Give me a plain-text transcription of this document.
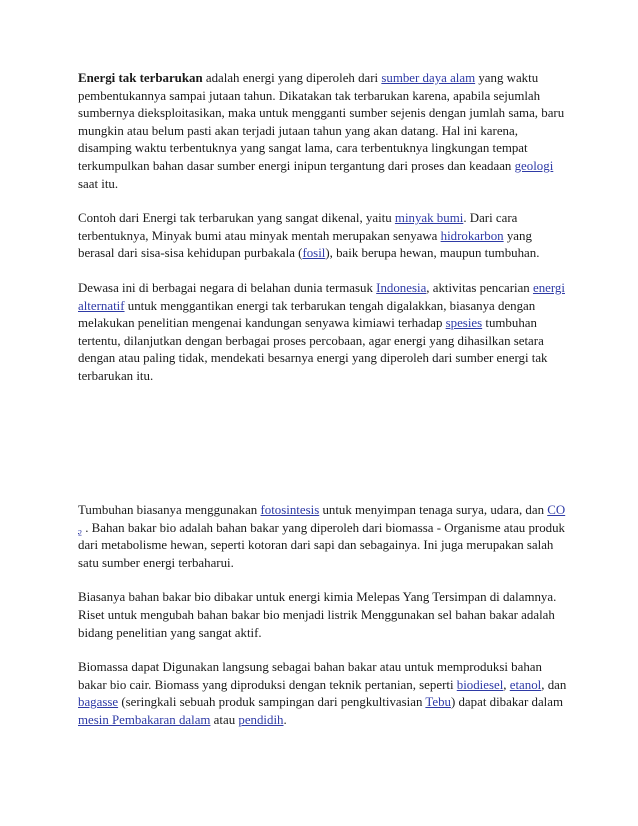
Energi tak terbarukan adalah energi yang diperoleh dari sumber daya alam yang waktu pembentukannya sampai jutaan tahun. Dikatakan tak terbarukan karena, apabila sejumlah sumbernya dieksploitasikan, maka untuk mengganti sumber sejenis dengan jumlah sama, baru mungkin atau belum pasti akan terjadi jutaan tahun yang akan datang. Hal ini karena, disamping waktu terbentuknya yang sangat lama, cara terbentuknya lingkungan tempat terkumpulkan bahan dasar sumber energi inipun tergantung dari proses dan keadaan geologi saat itu.

Contoh dari Energi tak terbarukan yang sangat dikenal, yaitu minyak bumi. Dari cara terbentuknya, Minyak bumi atau minyak mentah merupakan senyawa hidrokarbon yang berasal dari sisa-sisa kehidupan purbakala (fosil), baik berupa hewan, maupun tumbuhan.

Dewasa ini di berbagai negara di belahan dunia termasuk Indonesia, aktivitas pencarian energi alternatif untuk menggantikan energi tak terbarukan tengah digalakkan, biasanya dengan melakukan penelitian mengenai kandungan senyawa kimiawi terhadap spesies tumbuhan tertentu, dilanjutkan dengan berbagai proses percobaan, agar energi yang dihasilkan setara dengan atau paling tidak, mendekati besarnya energi yang diperoleh dari sumber energi tak terbarukan itu.

Tumbuhan biasanya menggunakan fotosintesis untuk menyimpan tenaga surya, udara, dan CO $_2$ . Bahan bakar bio adalah bahan bakar yang diperoleh dari biomassa - Organisme atau produk dari metabolisme hewan, seperti kotoran dari sapi dan sebagainya. Ini juga merupakan salah satu sumber energi terbaharui.

Biasanya bahan bakar bio dibakar untuk energi kimia Melepas Yang Tersimpan di dalamnya. Riset untuk mengubah bahan bakar bio menjadi listrik Menggunakan sel bahan bakar adalah bidang penelitian yang sangat aktif.

Biomassa dapat Digunakan langsung sebagai bahan bakar atau untuk memproduksi bahan bakar bio cair. Biomass yang diproduksi dengan teknik pertanian, seperti biodiesel, etanol, dan bagasse (seringkali sebuah produk sampingan dari pengkultivasian Tebu) dapat dibakar dalam mesin Pembakaran dalam atau pendidih.
